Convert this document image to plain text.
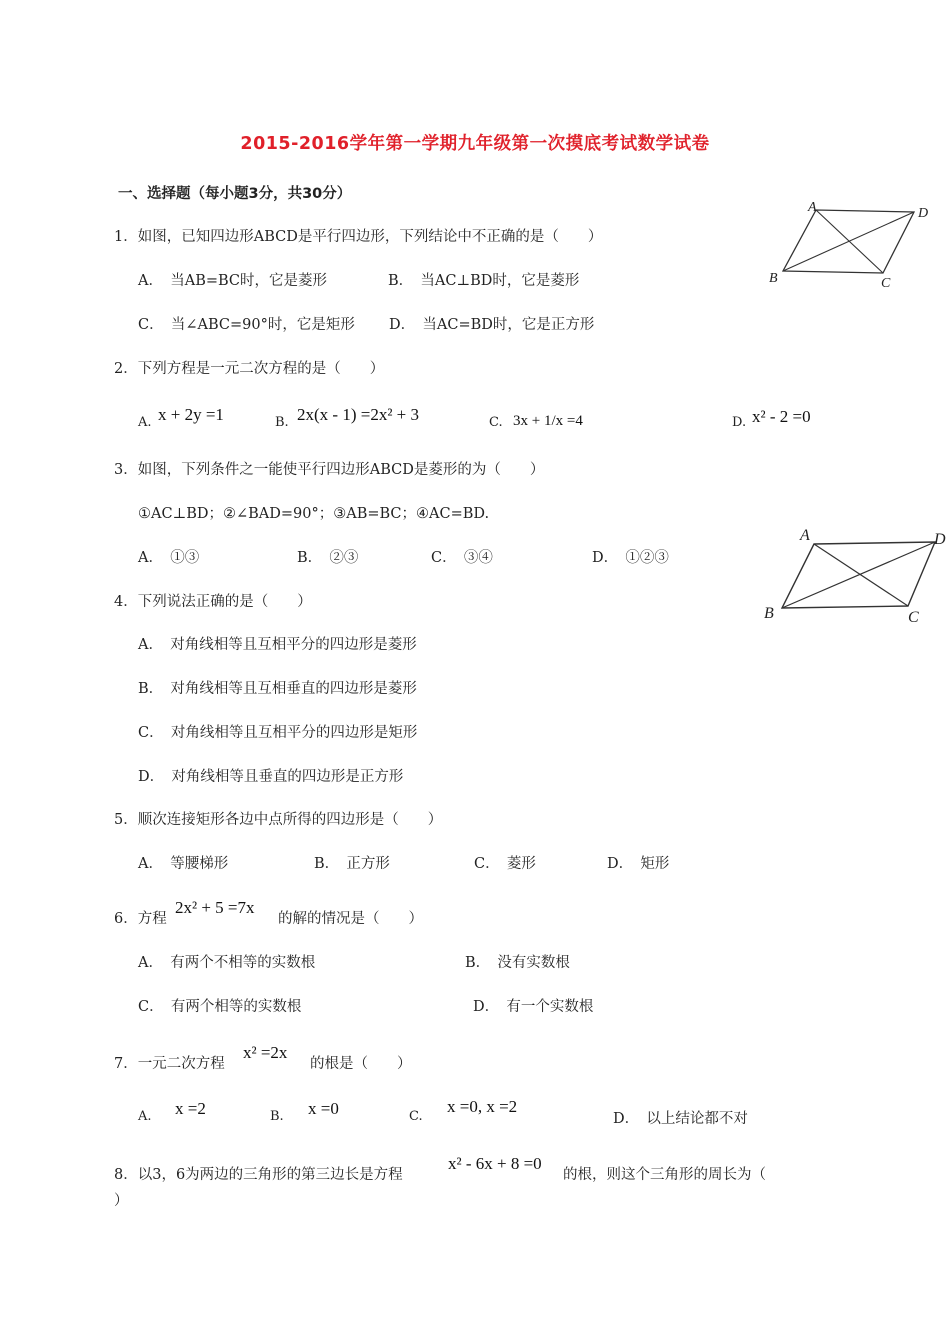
2015-2016学年第一学期九年级第一次摸底考试数学试卷
一、选择题（每小题3分，共30分）
1．如图，已知四边形ABCD是平行四边形，下列结论中不正确的是（　　）
A．　当AB=BC时，它是菱形	B．　当AC⊥BD时，它是菱形
C．　当∠ABC=90°时，它是矩形 D．　当AC=BD时，它是正方形
A	D
B	C
2．下列方程是一元二次方程的是（　　）
A. x + 2y =1	B. 2x(x - 1) =2x² + 3	C. 3x + 1/x =4	D. x² - 2 =0
3．如图，下列条件之一能使平行四边形ABCD是菱形的为（　　）
①AC⊥BD；②∠BAD=90°；③AB=BC；④AC=BD.
A．　①③	B．　②③	C．　③④	D．　①②③
A	D
B	C
4．下列说法正确的是（　　）
A．　对角线相等且互相平分的四边形是菱形
B．　对角线相等且互相垂直的四边形是菱形
C．　对角线相等且互相平分的四边形是矩形
D．　对角线相等且垂直的四边形是正方形
5．顺次连接矩形各边中点所得的四边形是（　　）
A．　等腰梯形	B．　正方形	C．　菱形	D．　矩形
6．方程
2x² + 5 =7x
的解的情况是（　　）
A．　有两个不相等的实数根	B．　没有实数根
C．　有两个相等的实数根	D．　有一个实数根
7．一元二次方程
x² =2x
的根是（　　）
A. x =2	B. x =0	C.
x =0, x =2
D．　以上结论都不对
8．以3，6为两边的三角形的第三边长是方程
x² - 6x + 8 =0
的根，则这个三角形的周长为（
）
